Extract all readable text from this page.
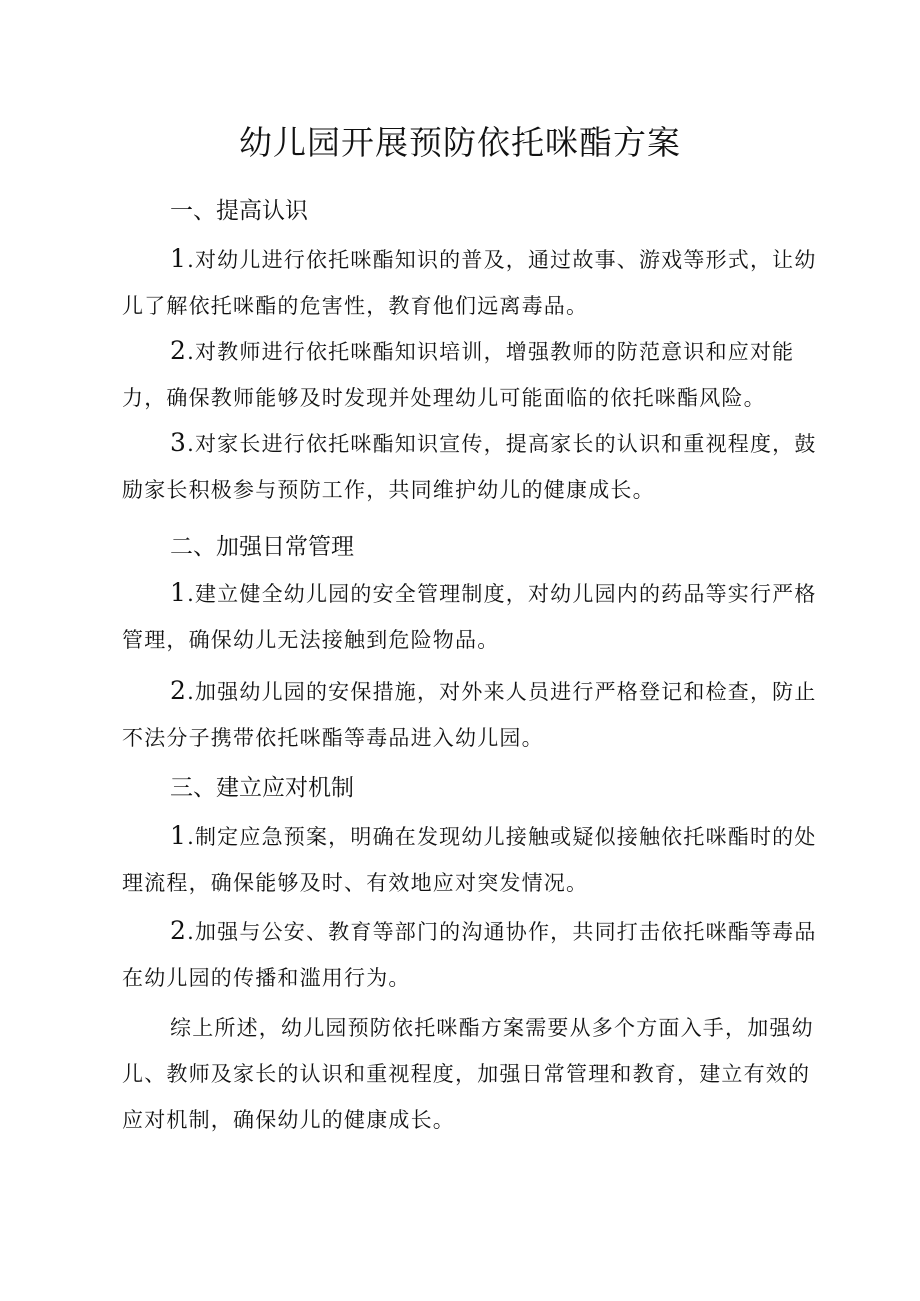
幼儿园开展预防依托咪酯方案
一、提高认识

1.对幼儿进行依托咪酯知识的普及，通过故事、游戏等形式，让幼儿了解依托咪酯的危害性，教育他们远离毒品。

2.对教师进行依托咪酯知识培训，增强教师的防范意识和应对能力，确保教师能够及时发现并处理幼儿可能面临的依托咪酯风险。

3.对家长进行依托咪酯知识宣传，提高家长的认识和重视程度，鼓励家长积极参与预防工作，共同维护幼儿的健康成长。

二、加强日常管理

1.建立健全幼儿园的安全管理制度，对幼儿园内的药品等实行严格管理，确保幼儿无法接触到危险物品。

2.加强幼儿园的安保措施，对外来人员进行严格登记和检查，防止不法分子携带依托咪酯等毒品进入幼儿园。

三、建立应对机制

1.制定应急预案，明确在发现幼儿接触或疑似接触依托咪酯时的处理流程，确保能够及时、有效地应对突发情况。

2.加强与公安、教育等部门的沟通协作，共同打击依托咪酯等毒品在幼儿园的传播和滥用行为。

综上所述，幼儿园预防依托咪酯方案需要从多个方面入手，加强幼儿、教师及家长的认识和重视程度，加强日常管理和教育，建立有效的应对机制，确保幼儿的健康成长。
